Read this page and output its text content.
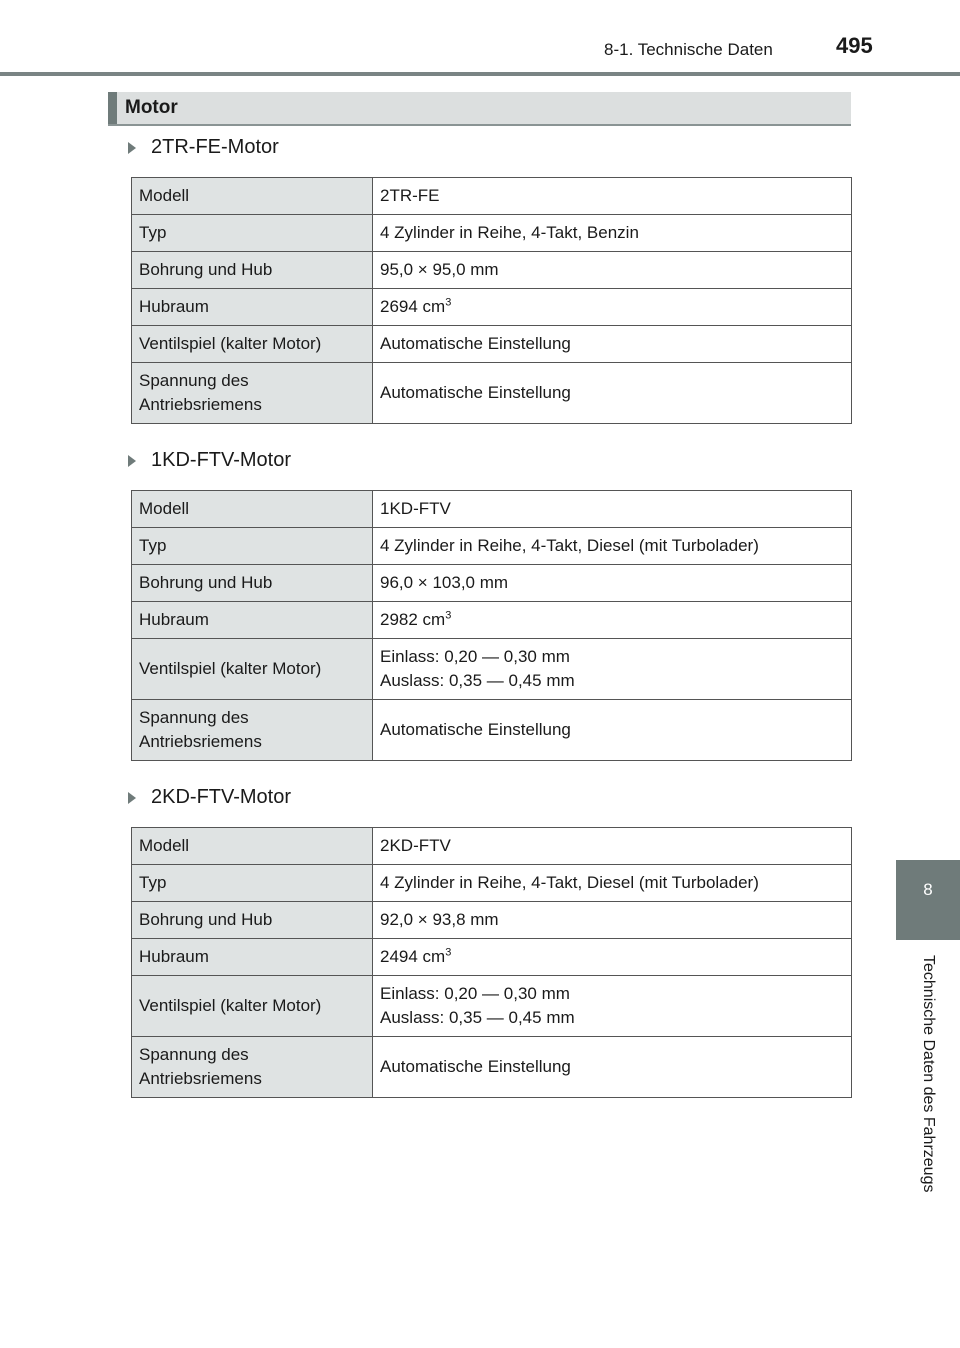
8-1. Technische Daten	495
8
Technische Daten des Fahrzeugs
Motor
2TR-FE-Motor
Modell	2TR-FE
Typ	4 Zylinder in Reihe, 4-Takt, Benzin
Bohrung und Hub	95,0 × 95,0 mm
Hubraum	2694 $cm^3$
Ventilspiel (kalter Motor)	Automatische Einstellung

Spannung des
Antriebsriemens	Automatische Einstellung
1KD-FTV-Motor
Modell	1KD-FTV
Typ	4 Zylinder in Reihe, 4-Takt, Diesel (mit Turbolader)
Bohrung und Hub	96,0 × 103,0 mm
Hubraum	2982 $cm^3$
Ventilspiel (kalter Motor)	Einlass: 0,20 — 0,30 mm
Auslass: 0,35 — 0,45 mm

Spannung des
Antriebsriemens	Automatische Einstellung
2KD-FTV-Motor
Modell	2KD-FTV
Typ	4 Zylinder in Reihe, 4-Takt, Diesel (mit Turbolader)
Bohrung und Hub	92,0 × 93,8 mm
Hubraum	2494 $cm^3$
Ventilspiel (kalter Motor)	Einlass: 0,20 — 0,30 mm
Auslass: 0,35 — 0,45 mm

Spannung des
Antriebsriemens	Automatische Einstellung
